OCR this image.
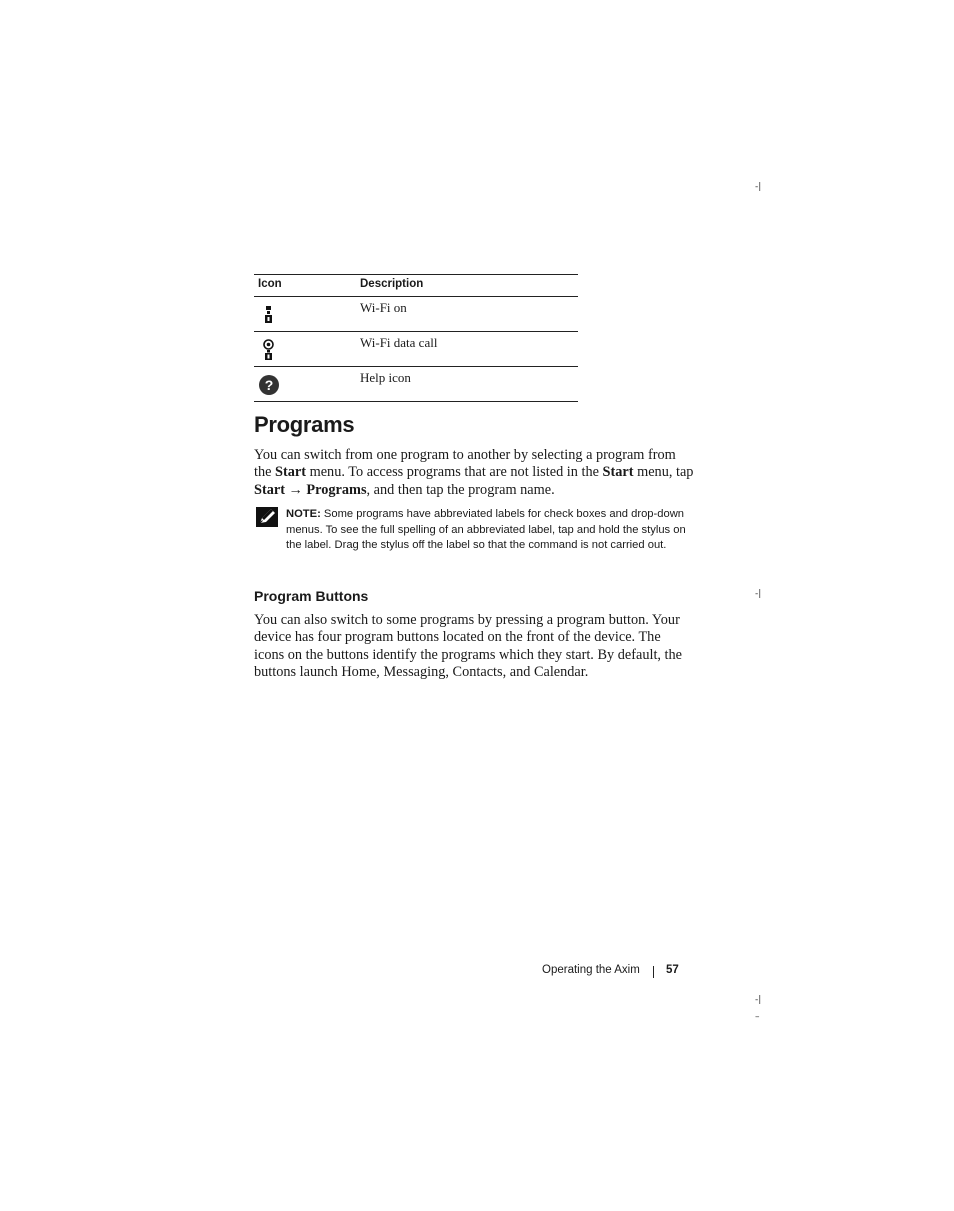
-|
-|
-|
–
Icon	Description
Wi-Fi on
Wi-Fi data call
?	Help icon
Programs
You can switch from one program to another by selecting a program from the Start menu. To access programs that are not listed in the Start menu, tap Start → Programs, and then tap the program name.
NOTE: Some programs have abbreviated labels for check boxes and drop-down menus. To see the full spelling of an abbreviated label, tap and hold the stylus on the label. Drag the stylus off the label so that the command is not carried out.
Program Buttons
You can also switch to some programs by pressing a program button. Your device has four program buttons located on the front of the device. The icons on the buttons identify the programs which they start. By default, the buttons launch Home, Messaging, Contacts, and Calendar.
Operating the Axim 57
